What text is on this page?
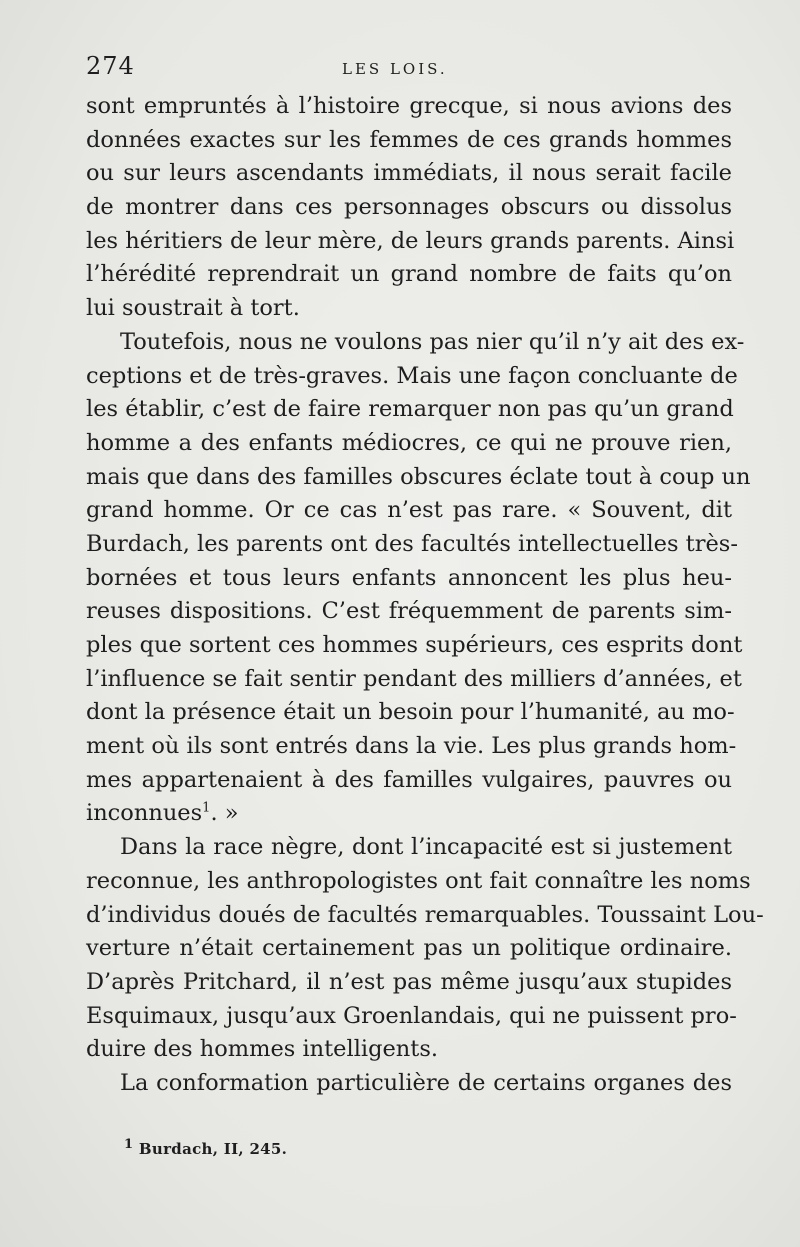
274	LES LOIS.
sont empruntés à l’histoire grecque, si nous avions des
données exactes sur les femmes de ces grands hommes
ou sur leurs ascendants immédiats, il nous serait facile
de montrer dans ces personnages obscurs ou dissolus
les héritiers de leur mère, de leurs grands parents. Ainsi
l’hérédité reprendrait un grand nombre de faits qu’on
lui soustrait à tort.
Toutefois, nous ne voulons pas nier qu’il n’y ait des ex-
ceptions et de très-graves. Mais une façon concluante de
les établir, c’est de faire remarquer non pas qu’un grand
homme a des enfants médiocres, ce qui ne prouve rien,
mais que dans des familles obscures éclate tout à coup un
grand homme. Or ce cas n’est pas rare. « Souvent, dit
Burdach, les parents ont des facultés intellectuelles très-
bornées et tous leurs enfants annoncent les plus heu-
reuses dispositions. C’est fréquemment de parents sim-
ples que sortent ces hommes supérieurs, ces esprits dont
l’influence se fait sentir pendant des milliers d’années, et
dont la présence était un besoin pour l’humanité, au mo-
ment où ils sont entrés dans la vie. Les plus grands hom-
mes appartenaient à des familles vulgaires, pauvres ou
inconnues$^1$. »
Dans la race nègre, dont l’incapacité est si justement
reconnue, les anthropologistes ont fait connaître les noms
d’individus doués de facultés remarquables. Toussaint Lou-
verture n’était certainement pas un politique ordinaire.
D’après Pritchard, il n’est pas même jusqu’aux stupides
Esquimaux, jusqu’aux Groenlandais, qui ne puissent pro-
duire des hommes intelligents.
La conformation particulière de certains organes des
1 Burdach, II, 245.
